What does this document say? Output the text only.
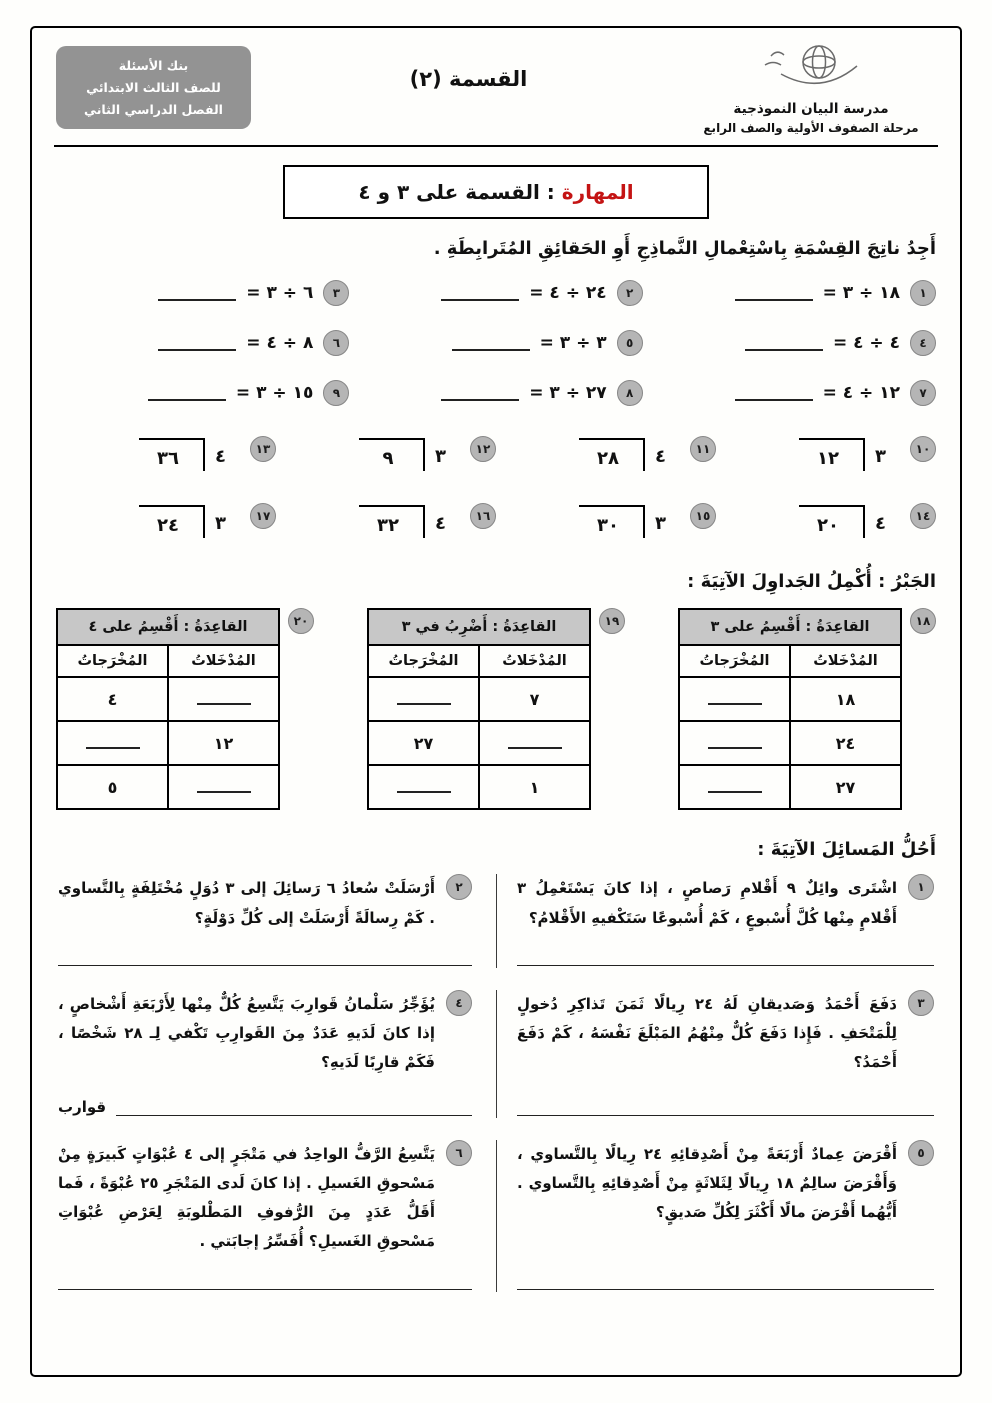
مدرسة البيان النموذجية
مرحلة الصفوف الأولية والصف الرابع
القسمة (٢)
بنك الأسئلة
للصف الثالث الابتدائي
الفصل الدراسي الثاني
المهارة : القسمة على ٣ و ٤
أَجِدُ ناتِجَ القِسْمَةِ بِاسْتِعْمالِ النَّماذِجِ أَوِ الحَقائِقِ المُتَرابِطَةِ .
١
١٨ ÷ ٣ =
٢
٢٤ ÷ ٤ =
٣
٦ ÷ ٣ =
٤
٤ ÷ ٤ =
٥
٣ ÷ ٣ =
٦
٨ ÷ ٤ =
٧
١٢ ÷ ٤ =
٨
٢٧ ÷ ٣ =
٩
١٥ ÷ ٣ =
١٠
٣
١٢
١١
٤
٢٨
١٢
٣
٩
١٣
٤
٣٦
١٤
٤
٢٠
١٥
٣
٣٠
١٦
٤
٣٢
١٧
٣
٢٤
الجَبْرُ : أُكْمِلُ الجَداوِلَ الآتِيَةَ :
١٨
القاعِدَةُ : أَقْسِمُ على ٣	
المُدْخَلاتُ	المُخْرَجاتُ
١٨	
٢٤	
٢٧	
١٩
القاعِدَةُ : أَضْرِبُ في ٣	
المُدْخَلاتُ	المُخْرَجاتُ
٧	
	٢٧
١	
٢٠
القاعِدَةُ : أَقْسِمُ على ٤	
المُدْخَلاتُ	المُخْرَجاتُ
	٤
١٢	
	٥
أَحُلُّ المَسائِلَ الآتِيَةَ :
١

اشْتَرى وائِلٌ ٩ أَقْلامِ رَصاصٍ ، إذا كانَ يَسْتَعْمِلُ ٣ أَقْلامٍ مِنْها كُلَّ أُسْبوعٍ ، كَمْ أُسْبوعًا سَتَكْفيهِ الأَقْلامُ؟

٢

أَرْسَلَتْ سُعادُ ٦ رَسائِلَ إلى ٣ دُوَلٍ مُخْتَلِفَةٍ بِالتَّساوي . كَمْ رِسالَةً أَرْسَلَتْ إلى كُلِّ دَوْلَةٍ؟

٣

دَفَعَ أَحْمَدُ وَصَديقانِ لَهُ ٢٤ رِيالًا ثَمَنَ تَذاكِرِ دُخولٍ لِلْمَتْحَفِ . فَإِذا دَفَعَ كُلٌّ مِنْهُمُ المَبْلَغَ نَفْسَهُ ، كَمْ دَفَعَ أَحْمَدُ؟

٤

يُؤَجِّرُ سَلْمانُ قَوارِبَ يَتَّسِعُ كُلٌّ مِنْها لِأَرْبَعَةِ أَشْخاصٍ ، إذا كانَ لَدَيهِ عَدَدٌ مِنَ القَوارِبِ تَكْفي لِـ ٢٨ شَخْصًا ، فَكَمْ قارِبًا لَدَيهِ؟

قوارب
٥

أَقْرَضَ عِمادٌ أَرْبَعَةً مِنْ أَصْدِقائِهِ ٢٤ رِيالًا بِالتَّساوي ، وَأَقْرَضَ سالِمٌ ١٨ رِيالًا لِثَلاثَةٍ مِنْ أَصْدِقائِهِ بِالتَّساوي . أَيُّهُما أَقْرَضَ مالًا أَكْثَرَ لِكُلِّ صَديقٍ؟

٦

يَتَّسِعُ الرَّفُّ الواحِدُ في مَتْجَرٍ إلى ٤ عُبْوَاتٍ كَبيرَةٍ مِنْ مَسْحوقِ الغَسيلِ . إذا كانَ لَدى المَتْجَرِ ٢٥ عُبْوَةً ، فَما أَقَلُّ عَدَدٍ مِنَ الرُّفوفِ المَطْلوبَةِ لِعَرْضِ عُبْوَاتِ مَسْحوقِ الغَسيلِ؟ أُفَسِّرُ إجابَتي .
